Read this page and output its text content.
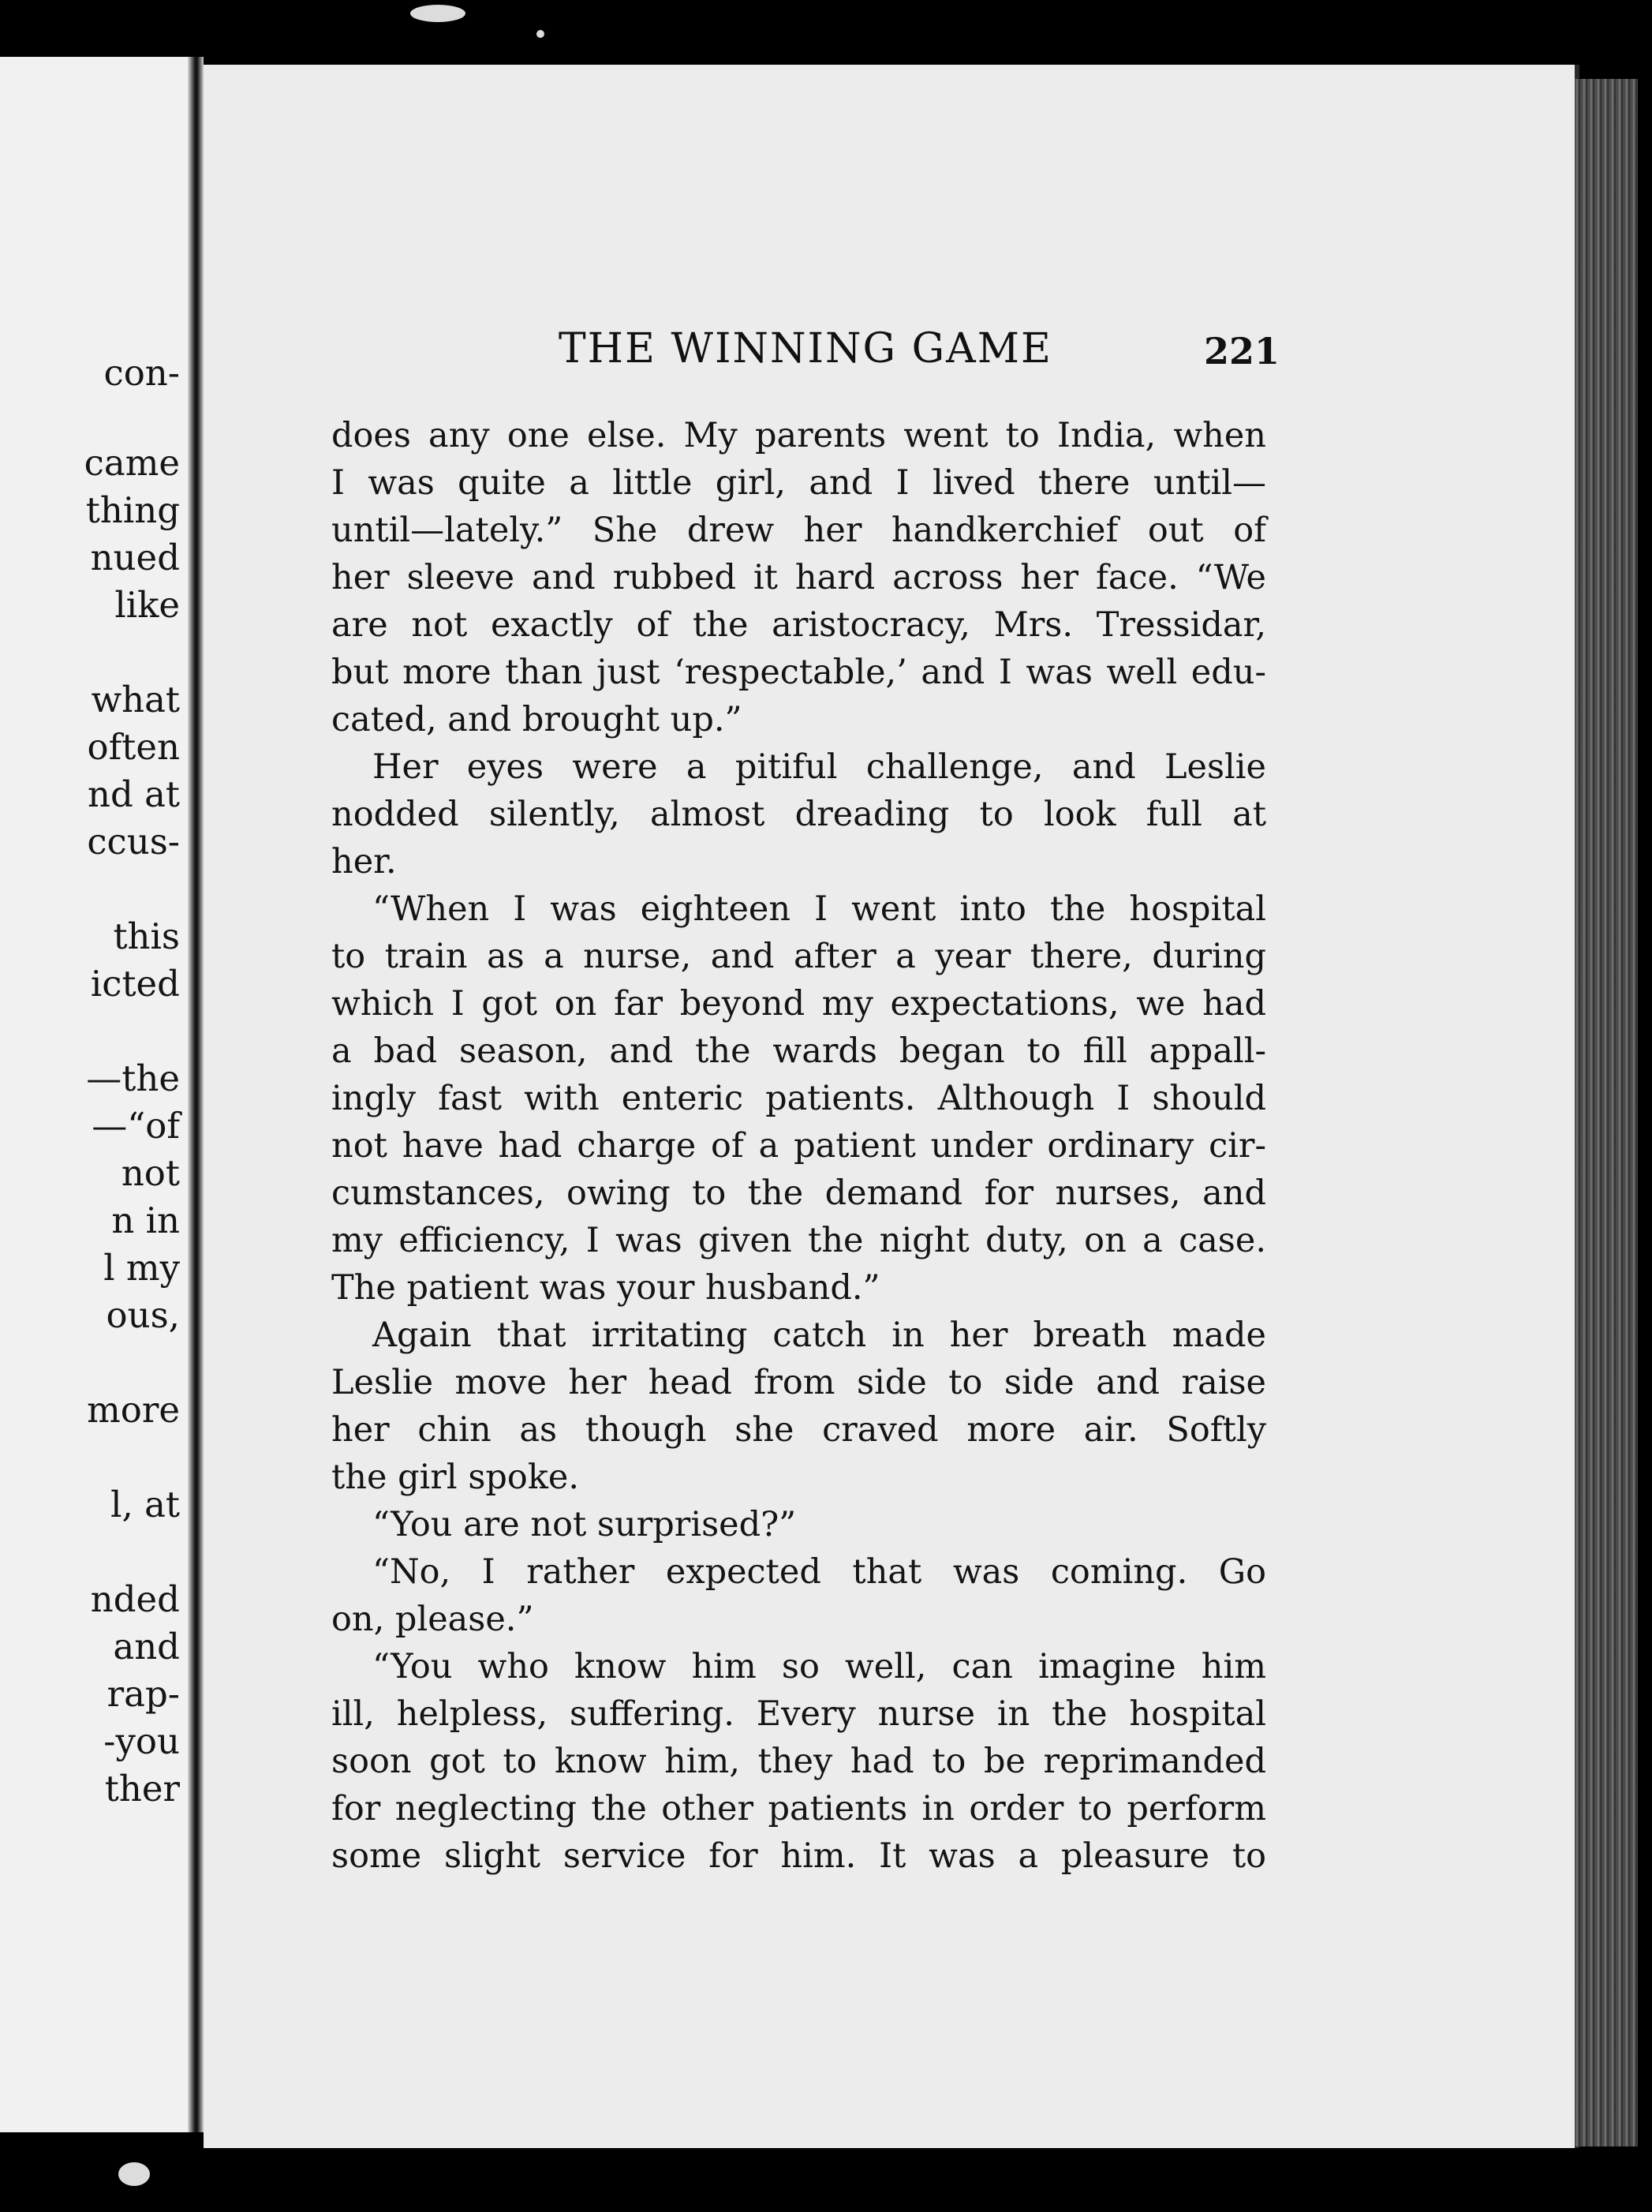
con-
came
thing
nued
like
what
often
nd at
ccus-
this
icted
—the
—“of
not
n in
l my
ous,
more
l, at
nded
and
rap-
-you
ther
THE WINNING GAME	221
does any one else. My parents went to India, when
I was quite a little girl, and I lived there until—
until—lately.” She drew her handkerchief out of
her sleeve and rubbed it hard across her face. “We
are not exactly of the aristocracy, Mrs. Tressidar,
but more than just ‘respectable,’ and I was well edu-
cated, and brought up.”
Her eyes were a pitiful challenge, and Leslie
nodded silently, almost dreading to look full at
her.
“When I was eighteen I went into the hospital
to train as a nurse, and after a year there, during
which I got on far beyond my expectations, we had
a bad season, and the wards began to fill appall-
ingly fast with enteric patients. Although I should
not have had charge of a patient under ordinary cir-
cumstances, owing to the demand for nurses, and
my efficiency, I was given the night duty, on a case.
The patient was your husband.”
Again that irritating catch in her breath made
Leslie move her head from side to side and raise
her chin as though she craved more air. Softly
the girl spoke.
“You are not surprised?”
“No, I rather expected that was coming. Go
on, please.”
“You who know him so well, can imagine him
ill, helpless, suffering. Every nurse in the hospital
soon got to know him, they had to be reprimanded
for neglecting the other patients in order to perform
some slight service for him. It was a pleasure to
